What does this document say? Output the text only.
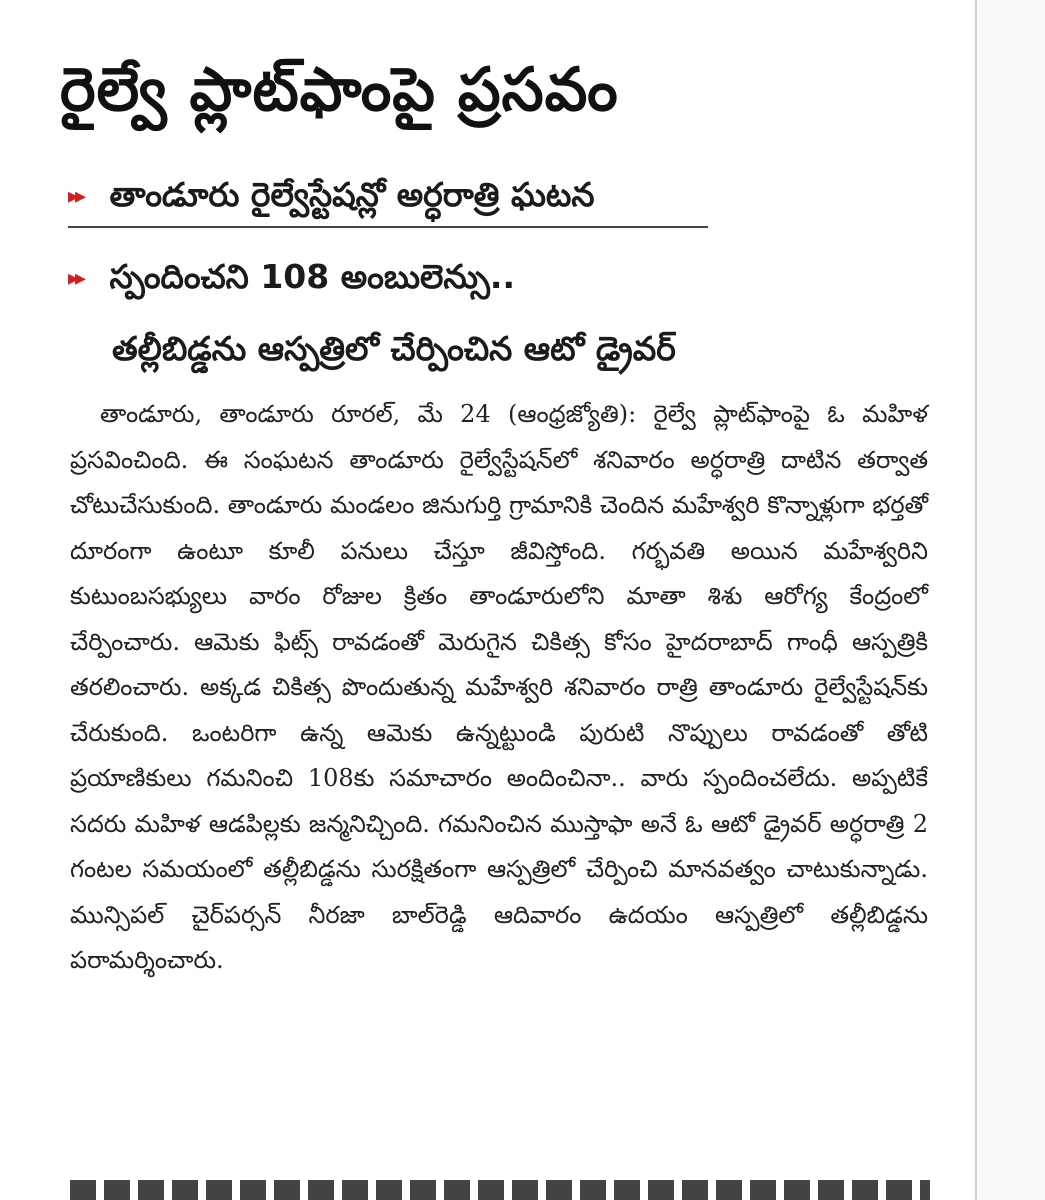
రైల్వే ప్లాట్‌ఫాంపై ప్రసవం
▸▸ తాండూరు రైల్వేస్టేషన్లో అర్ధరాత్రి ఘటన
▸▸ స్పందించని 108 అంబులెన్సు..
తల్లీబిడ్డను ఆస్పత్రిలో చేర్పించిన ఆటో డ్రైవర్

తాండూరు, తాండూరు రూరల్, మే 24 (ఆంధ్రజ్యోతి): రైల్వే ప్లాట్‌ఫాంపై ఓ మహిళ ప్రసవించింది. ఈ సంఘటన తాండూరు రైల్వేస్టేషన్‌లో శనివారం అర్ధరాత్రి దాటిన తర్వాత చోటుచేసుకుంది. తాండూరు మండలం జినుగుర్తి గ్రామానికి చెందిన మహేశ్వరి కొన్నాళ్లుగా భర్తతో దూరంగా ఉంటూ కూలీ పనులు చేస్తూ జీవిస్తోంది. గర్భవతి అయిన మహేశ్వరిని కుటుంబసభ్యులు వారం రోజుల క్రితం తాండూరులోని మాతా శిశు ఆరోగ్య కేంద్రంలో చేర్పించారు. ఆమెకు ఫిట్స్ రావడంతో మెరుగైన చికిత్స కోసం హైదరాబాద్ గాంధీ ఆస్పత్రికి తరలించారు. అక్కడ చికిత్స పొందుతున్న మహేశ్వరి శనివారం రాత్రి తాండూరు రైల్వేస్టేషన్‌కు చేరుకుంది. ఒంటరిగా ఉన్న ఆమెకు ఉన్నట్టుండి పురుటి నొప్పులు రావడంతో తోటి ప్రయాణికులు గమనించి 108కు సమాచారం అందించినా.. వారు స్పందించలేదు. అప్పటికే సదరు మహిళ ఆడపిల్లకు జన్మనిచ్చింది. గమనించిన ముస్తాఫా అనే ఓ ఆటో డ్రైవర్ అర్ధరాత్రి 2 గంటల సమయంలో తల్లీబిడ్డను సురక్షితంగా ఆస్పత్రిలో చేర్పించి మానవత్వం చాటుకున్నాడు. మున్సిపల్ చైర్‌పర్సన్ నీరజా బాల్‌రెడ్డి ఆదివారం ఉదయం ఆస్పత్రిలో తల్లీబిడ్డను పరామర్శించారు.
